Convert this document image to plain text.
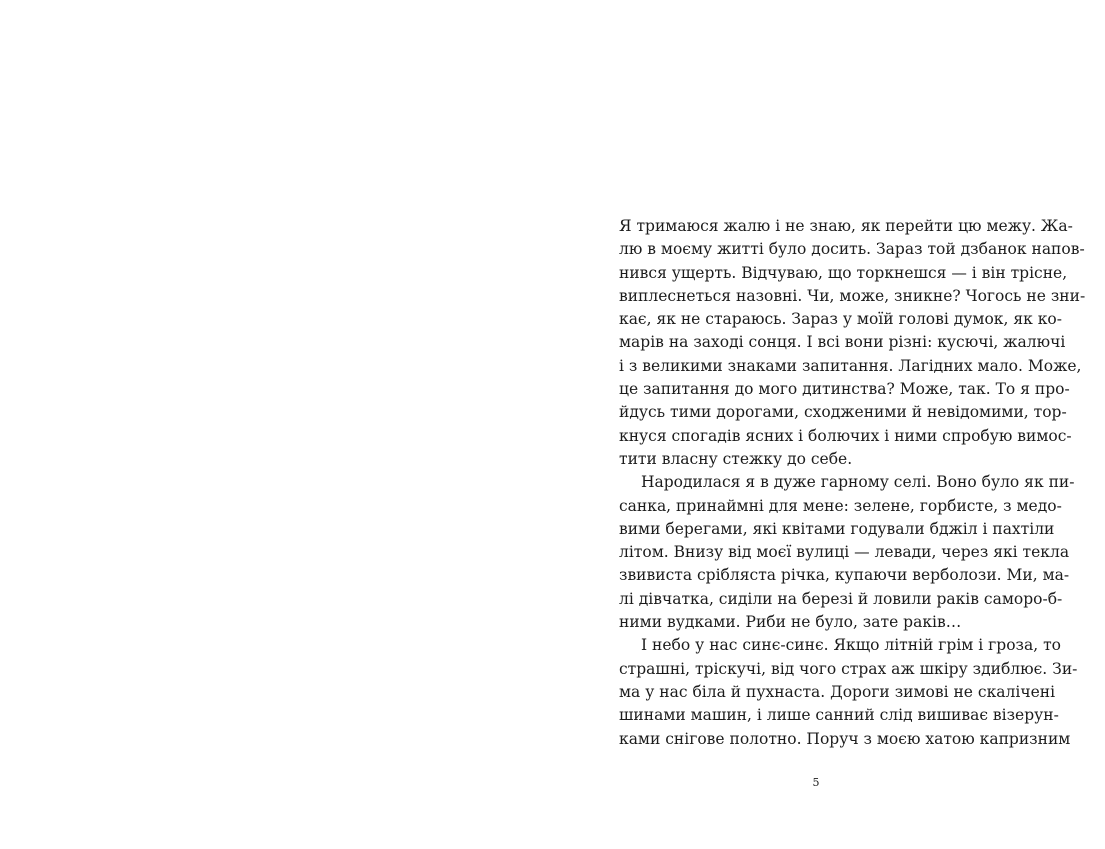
Я тримаюся жалю і не знаю, як перейти цю межу. Жа-
лю в моєму житті було досить. Зараз той дзбанок напов-
нився ущерть. Відчуваю, що торкнешся — і він трісне,
виплеснеться назовні. Чи, може, зникне? Чогось не зни-
кає, як не стараюсь. Зараз у моїй голові думок, як ко-
марів на заході сонця. І всі вони різні: кусючі, жалючі
і з великими знаками запитання. Лагідних мало. Може,
це запитання до мого дитинства? Може, так. То я про-
йдусь тими дорогами, сходженими й невідомими, тор-
кнуся спогадів ясних і болючих і ними спробую вимос-
тити власну стежку до себе.
Народилася я в дуже гарному селі. Воно було як пи-
санка, принаймні для мене: зелене, горбисте, з медо-
вими берегами, які квітами годували бджіл і пахтіли
літом. Внизу від моєї вулиці — левади, через які текла
звивиста срібляста річка, купаючи верболози. Ми, ма-
лі дівчатка, сиділи на березі й ловили раків саморо-б-
ними вудками. Риби не було, зате раків…
І небо у нас синє-синє. Якщо літній грім і гроза, то
страшні, тріскучі, від чого страх аж шкіру здиблює. Зи-
ма у нас біла й пухнаста. Дороги зимові не скалічені
шинами машин, і лише санний слід вишиває візерун-
ками снігове полотно. Поруч з моєю хатою капризним
5
